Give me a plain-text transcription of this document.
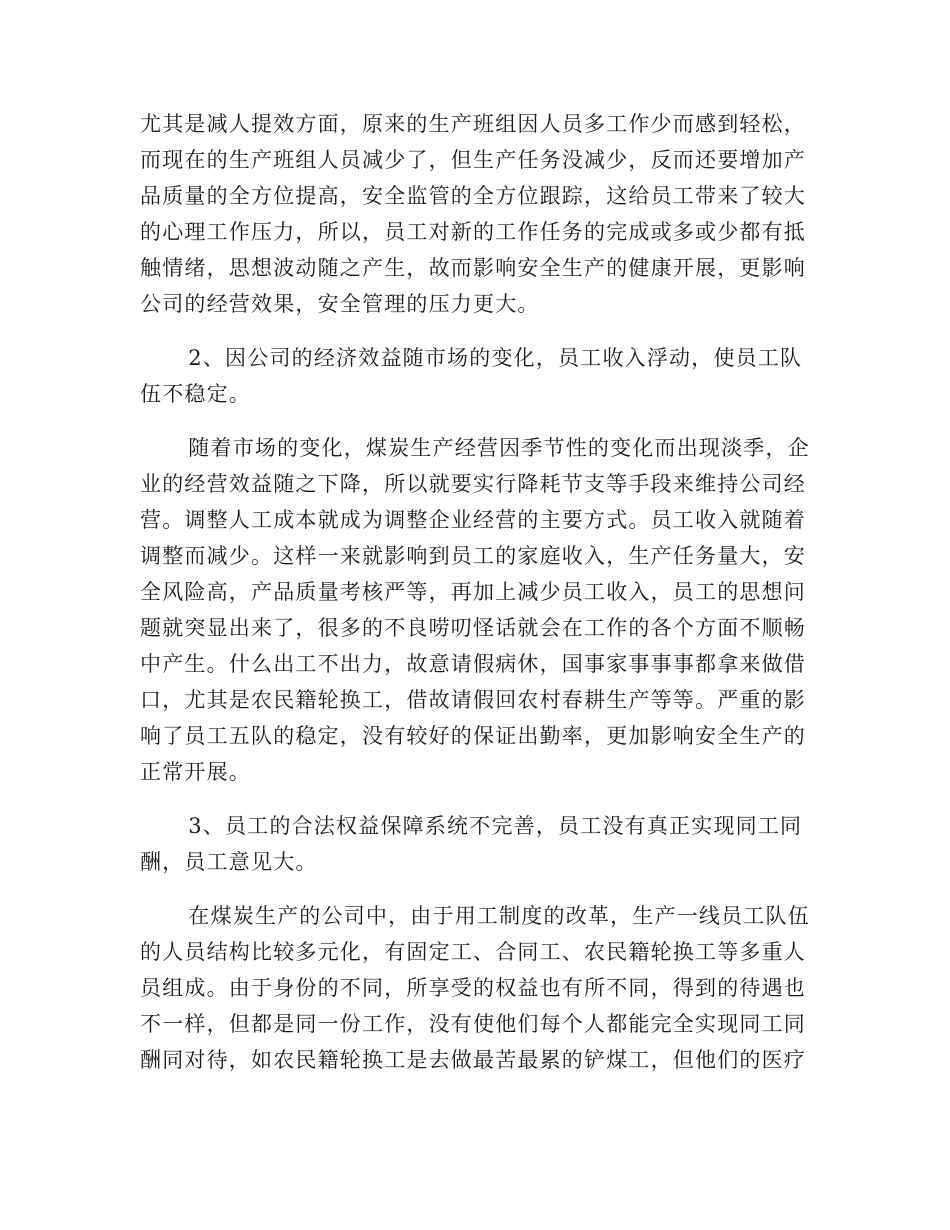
尤其是减人提效方面，原来的生产班组因人员多工作少而感到轻松，而现在的生产班组人员减少了，但生产任务没减少，反而还要增加产品质量的全方位提高，安全监管的全方位跟踪，这给员工带来了较大的心理工作压力，所以，员工对新的工作任务的完成或多或少都有抵触情绪，思想波动随之产生，故而影响安全生产的健康开展，更影响公司的经营效果，安全管理的压力更大。

2、因公司的经济效益随市场的变化，员工收入浮动，使员工队伍不稳定。

随着市场的变化，煤炭生产经营因季节性的变化而出现淡季，企业的经营效益随之下降，所以就要实行降耗节支等手段来维持公司经营。调整人工成本就成为调整企业经营的主要方式。员工收入就随着调整而减少。这样一来就影响到员工的家庭收入，生产任务量大，安全风险高，产品质量考核严等，再加上减少员工收入，员工的思想问题就突显出来了，很多的不良唠叨怪话就会在工作的各个方面不顺畅中产生。什么出工不出力，故意请假病休，国事家事事事都拿来做借口，尤其是农民籍轮换工，借故请假回农村春耕生产等等。严重的影响了员工五队的稳定，没有较好的保证出勤率，更加影响安全生产的正常开展。

3、员工的合法权益保障系统不完善，员工没有真正实现同工同酬，员工意见大。

在煤炭生产的公司中，由于用工制度的改革，生产一线员工队伍的人员结构比较多元化，有固定工、合同工、农民籍轮换工等多重人员组成。由于身份的不同，所享受的权益也有所不同，得到的待遇也不一样，但都是同一份工作，没有使他们每个人都能完全实现同工同酬同对待，如农民籍轮换工是去做最苦最累的铲煤工，但他们的医疗
